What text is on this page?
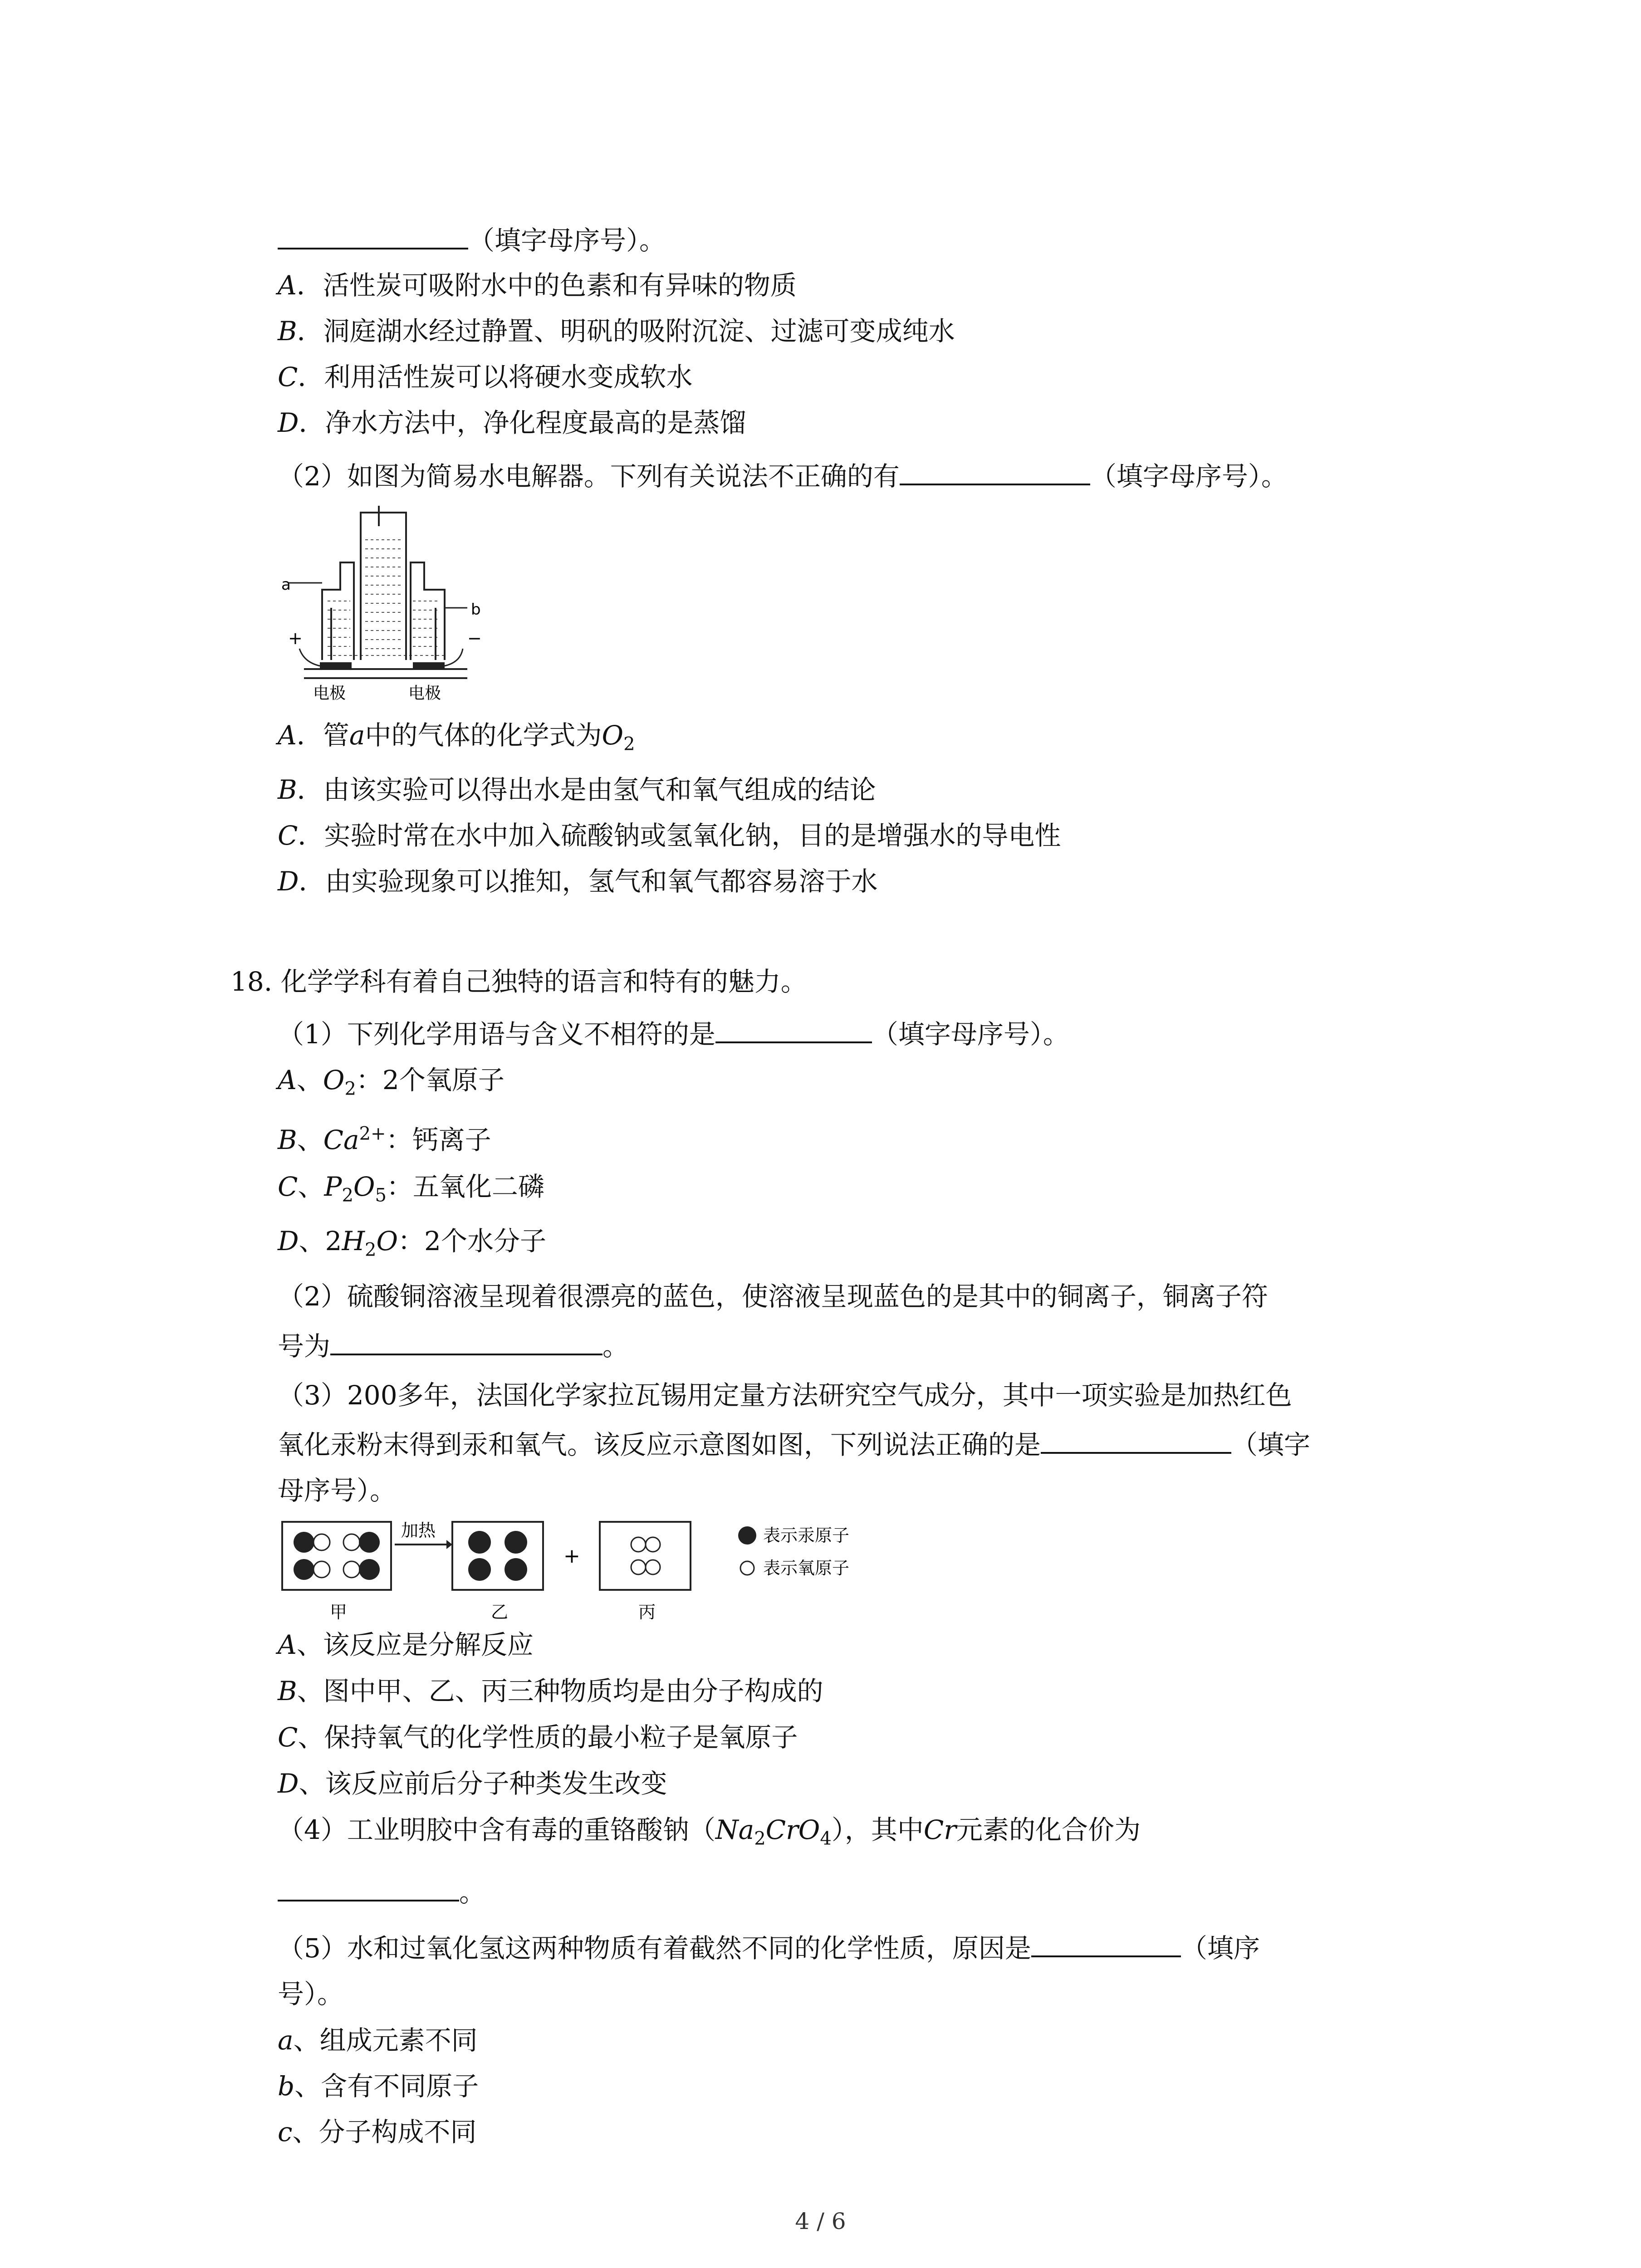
（填字母序号）。
A．活性炭可吸附水中的色素和有异味的物质
B．洞庭湖水经过静置、明矾的吸附沉淀、过滤可变成纯水
C．利用活性炭可以将硬水变成软水
D．净水方法中，净化程度最高的是蒸馏
（2）如图为简易水电解器。下列有关说法不正确的有	（填字母序号）。
a
b
+	−
电极	电极
A．管a中的气体的化学式为$O_2$
B．由该实验可以得出水是由氢气和氧气组成的结论
C．实验时常在水中加入硫酸钠或氢氧化钠，目的是增强水的导电性
D．由实验现象可以推知，氢气和氧气都容易溶于水
18. 化学学科有着自己独特的语言和特有的魅力。
（1）下列化学用语与含义不相符的是	（填字母序号）。
A、$O_2$：2个氧原子
B、$Ca^{2+}$：钙离子
C、$P_2O_5$：五氧化二磷
D、$2H_2O$：2个水分子
（2）硫酸铜溶液呈现着很漂亮的蓝色，使溶液呈现蓝色的是其中的铜离子，铜离子符
号为	。
（3）200多年，法国化学家拉瓦锡用定量方法研究空气成分，其中一项实验是加热红色
氧化汞粉末得到汞和氧气。该反应示意图如图，下列说法正确的是	（填字
母序号）。
加热
+
甲	乙	丙
表示汞原子
表示氧原子
A、该反应是分解反应
B、图中甲、乙、丙三种物质均是由分子构成的
C、保持氧气的化学性质的最小粒子是氧原子
D、该反应前后分子种类发生改变
（4）工业明胶中含有毒的重铬酸钠$(Na_2CrO_4)$，其中Cr元素的化合价为
。
（5）水和过氧化氢这两种物质有着截然不同的化学性质，原因是	（填序
号）。
a、组成元素不同
b、含有不同原子
c、分子构成不同
4 / 6
